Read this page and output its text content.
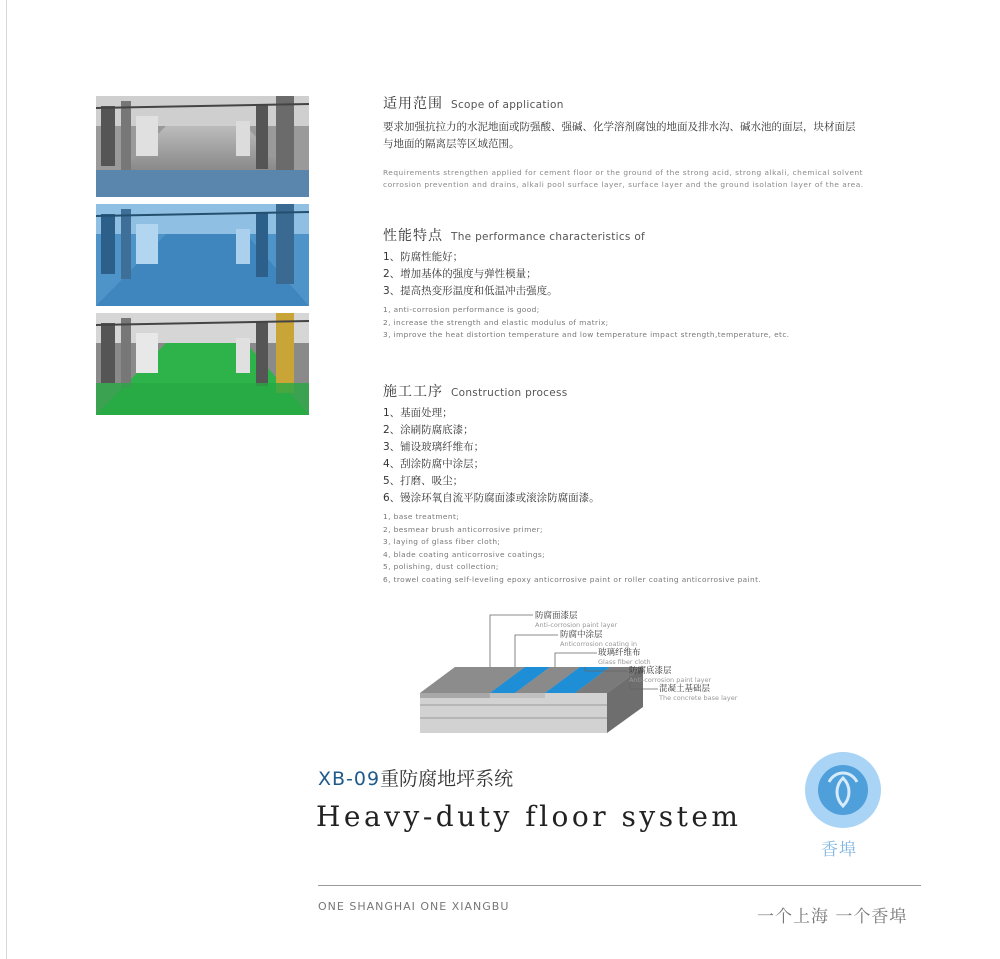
适用范围 Scope of application
要求加强抗拉力的水泥地面或防强酸、强碱、化学溶剂腐蚀的地面及排水沟、碱水池的面层，块材面层
与地面的隔离层等区域范围。
Requirements strengthen applied for cement floor or the ground of the strong acid, strong alkali, chemical solvent
corrosion prevention and drains, alkali pool surface layer, surface layer and the ground isolation layer of the area.
性能特点 The performance characteristics of
1、防腐性能好；
2、增加基体的强度与弹性模量；
3、提高热变形温度和低温冲击强度。
1, anti-corrosion performance is good;
2, increase the strength and elastic modulus of matrix;
3, improve the heat distortion temperature and low temperature impact strength,temperature, etc.
施工工序 Construction process
1、基面处理；
2、涂刷防腐底漆；
3、铺设玻璃纤维布；
4、刮涂防腐中涂层；
5、打磨、吸尘；
6、镘涂环氧自流平防腐面漆或滚涂防腐面漆。
1, base treatment;
2, besmear brush anticorrosive primer;
3, laying of glass fiber cloth;
4, blade coating anticorrosive coatings;
5, polishing, dust collection;
6, trowel coating self-leveling epoxy anticorrosive paint or roller coating anticorrosive paint.
防腐面漆层
Anti-corrosion paint layer
防腐中涂层
Anticorrosion coating in
玻璃纤维布
Glass fiber cloth
防腐底漆层
Anti-corrosion paint layer
混凝土基础层
The concrete base layer
XB-09重防腐地坪系统
Heavy-duty floor system
香埠
ONE SHANGHAI ONE XIANGBU
一个上海 一个香埠
